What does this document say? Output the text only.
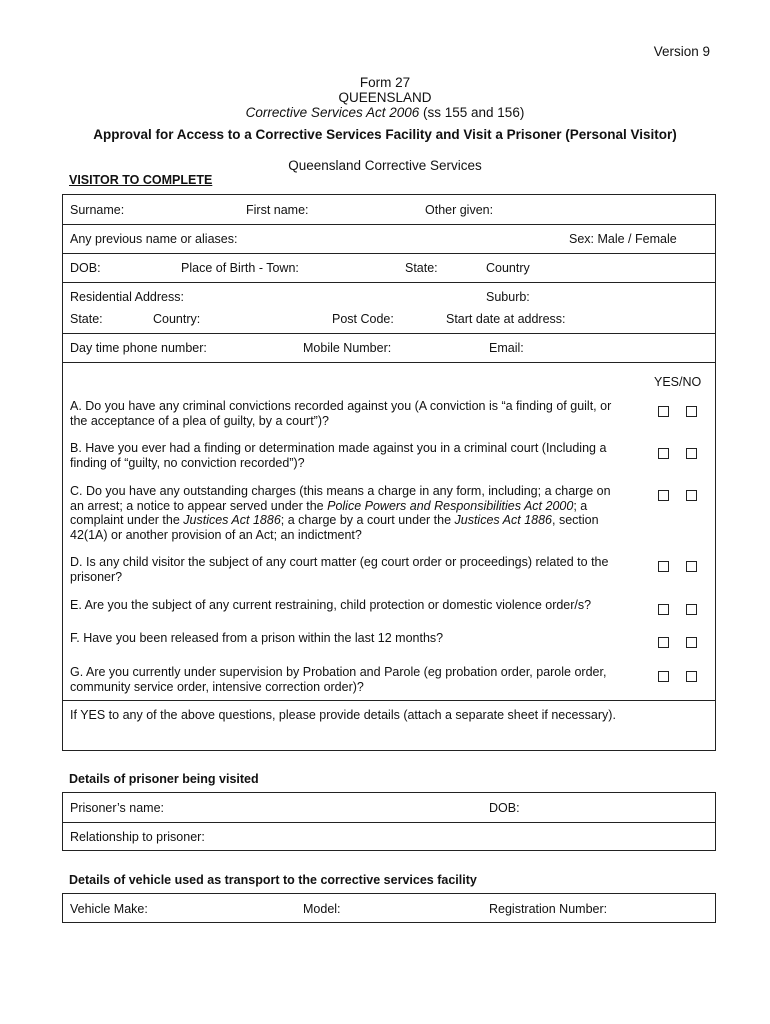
Version 9
Form 27
QUEENSLAND
Corrective Services Act 2006 (ss 155 and 156)
Approval for Access to a Corrective Services Facility and Visit a Prisoner (Personal Visitor)
Queensland Corrective Services
VISITOR TO COMPLETE
Surname:	First name:	Other given:
Any previous name or aliases:	Sex: Male / Female
DOB:	Place of Birth - Town:	State:	Country
Residential Address:	Suburb:
State:	Country:	Post Code:	Start date at address:
Day time phone number:	Mobile Number:	Email:
YES/NO
A. Do you have any criminal convictions recorded against you (A conviction is “a finding of guilt, or
the acceptance of a plea of guilty, by a court”)?
B. Have you ever had a finding or determination made against you in a criminal court (Including a
finding of “guilty, no conviction recorded”)?
C. Do you have any outstanding charges (this means a charge in any form, including; a charge on
an arrest; a notice to appear served under the Police Powers and Responsibilities Act 2000; a
complaint under the Justices Act 1886; a charge by a court under the Justices Act 1886, section
42(1A) or another provision of an Act; an indictment?
D. Is any child visitor the subject of any court matter (eg court order or proceedings) related to the
prisoner?
E. Are you the subject of any current restraining, child protection or domestic violence order/s?
F. Have you been released from a prison within the last 12 months?
G. Are you currently under supervision by Probation and Parole (eg probation order, parole order,
community service order, intensive correction order)?
If YES to any of the above questions, please provide details (attach a separate sheet if necessary).
Details of prisoner being visited
Prisoner’s name:	DOB:
Relationship to prisoner:
Details of vehicle used as transport to the corrective services facility
Vehicle Make:	Model:	Registration Number:
